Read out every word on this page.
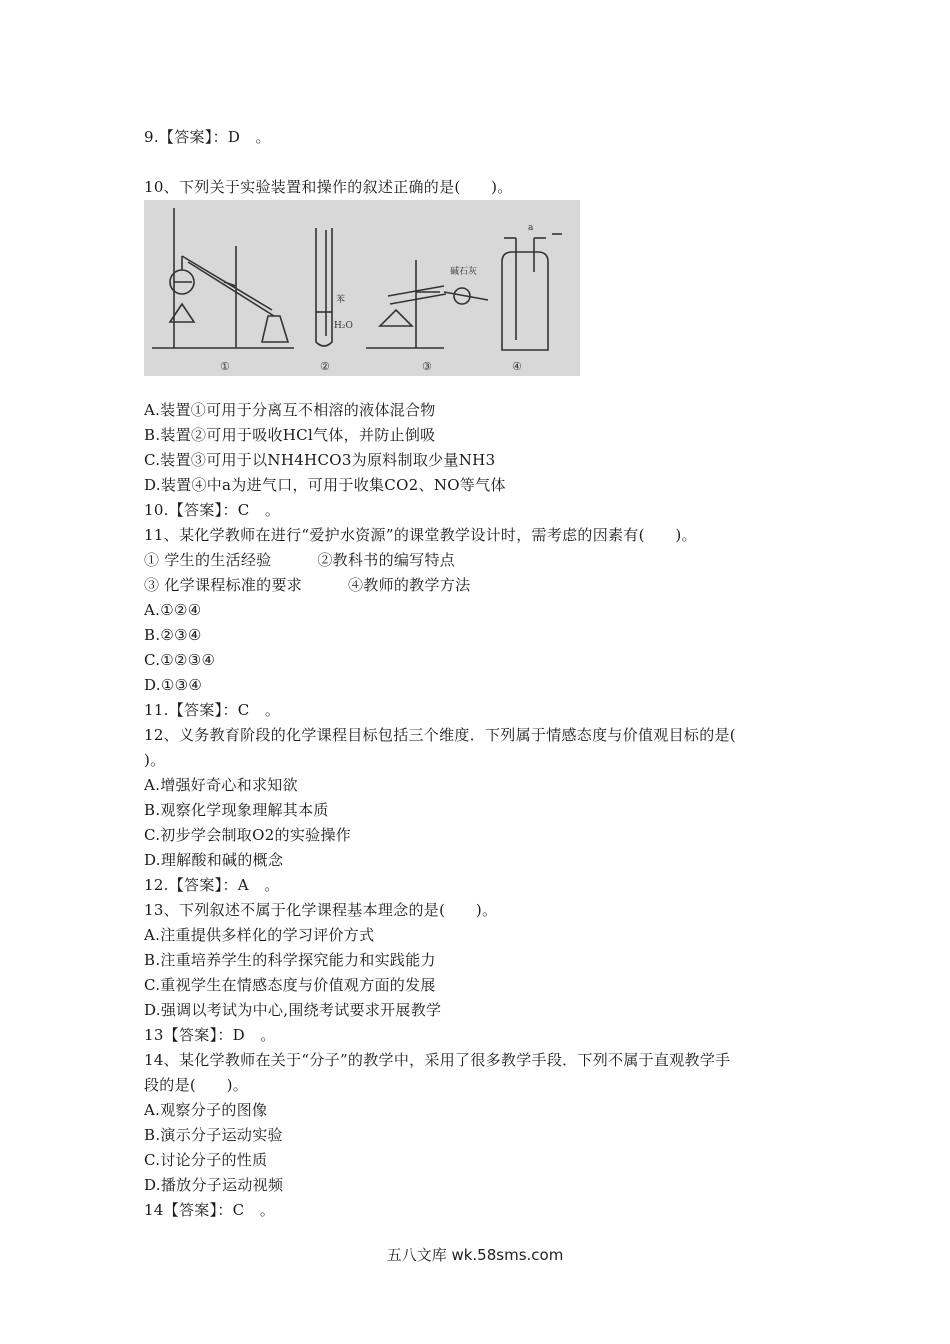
9.【答案】：D　。
10、下列关于实验装置和操作的叙述正确的是(　　)。
①	②	③	④
苯
H₂O
碱石灰
a
A.装置①可用于分离互不相溶的液体混合物
B.装置②可用于吸收HCl气体，并防止倒吸
C.装置③可用于以NH4HCO3为原料制取少量NH3
D.装置④中a为进气口，可用于收集CO2、NO等气体
10.【答案】：C　。
11、某化学教师在进行“爱护水资源”的课堂教学设计时，需考虑的因素有(　　)。
① 学生的生活经验　　　②教科书的编写特点
③ 化学课程标准的要求　　　④教师的教学方法
A.①②④
B.②③④
C.①②③④
D.①③④
11.【答案】：C　。
12、义务教育阶段的化学课程目标包括三个维度．下列属于情感态度与价值观目标的是(
)。
A.增强好奇心和求知欲
B.观察化学现象理解其本质
C.初步学会制取O2的实验操作
D.理解酸和碱的概念
12.【答案】：A　。
13、下列叙述不属于化学课程基本理念的是(　　)。
A.注重提供多样化的学习评价方式
B.注重培养学生的科学探究能力和实践能力
C.重视学生在情感态度与价值观方面的发展
D.强调以考试为中心,围绕考试要求开展教学
13【答案】：D　。
14、某化学教师在关于“分子”的教学中，采用了很多教学手段．下列不属于直观教学手
段的是(　　)。
A.观察分子的图像
B.演示分子运动实验
C.讨论分子的性质
D.播放分子运动视频
14【答案】：C　。
五八文库 wk.58sms.com
